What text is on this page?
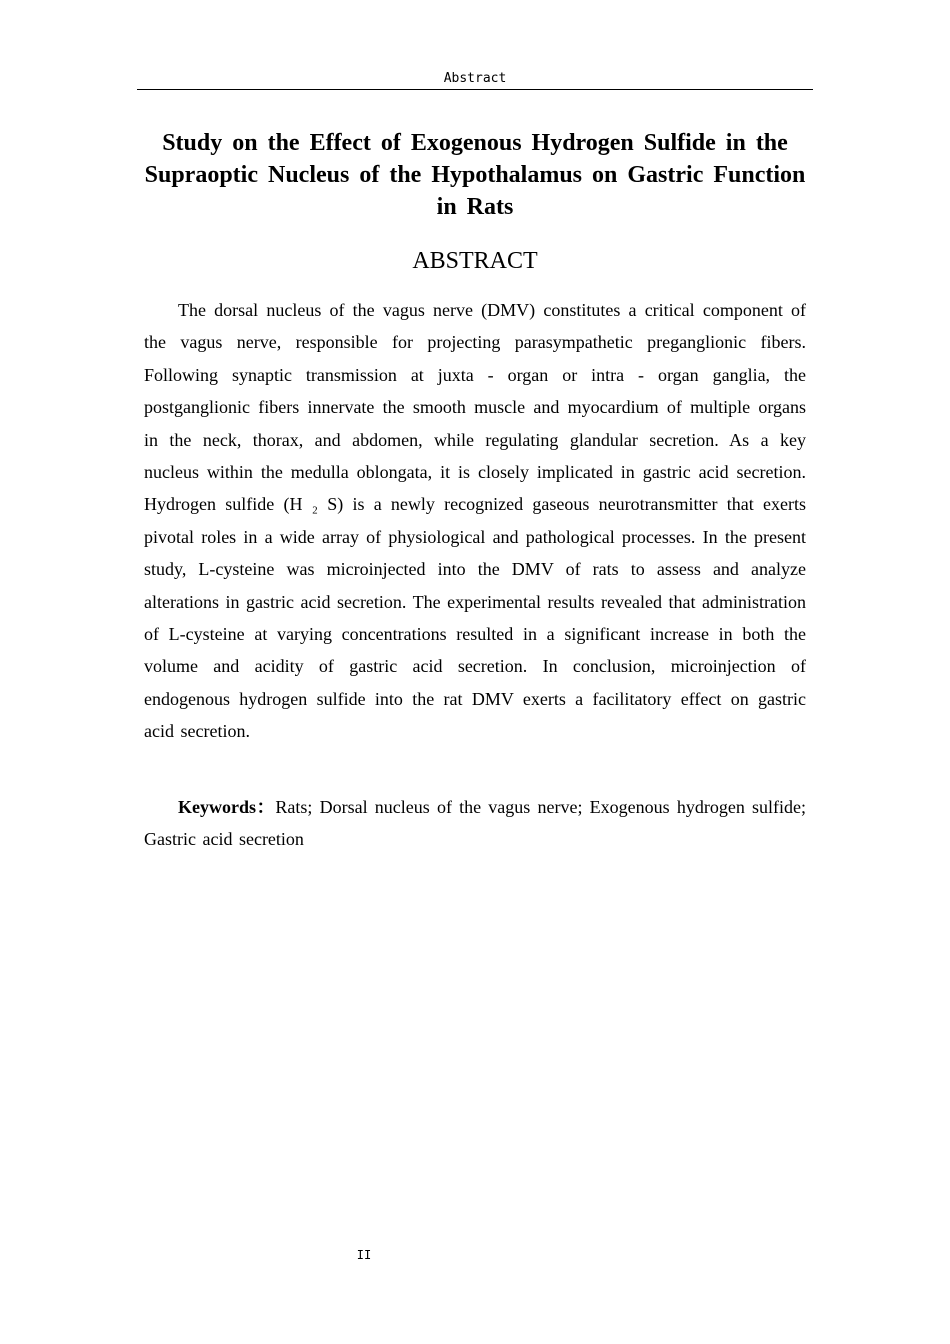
Abstract
Study on the Effect of Exogenous Hydrogen Sulfide in the Supraoptic Nucleus of the Hypothalamus on Gastric Function in Rats
ABSTRACT

The dorsal nucleus of the vagus nerve (DMV) constitutes a critical component of the vagus nerve, responsible for projecting parasympathetic preganglionic fibers. Following synaptic transmission at juxta - organ or intra - organ ganglia, the postganglionic fibers innervate the smooth muscle and myocardium of multiple organs in the neck, thorax, and abdomen, while regulating glandular secretion. As a key nucleus within the medulla oblongata, it is closely implicated in gastric acid secretion. Hydrogen sulfide (H ₂ S) is a newly recognized gaseous neurotransmitter that exerts pivotal roles in a wide array of physiological and pathological processes. In the present study, L-cysteine was microinjected into the DMV of rats to assess and analyze alterations in gastric acid secretion. The experimental results revealed that administration of L-cysteine at varying concentrations resulted in a significant increase in both the volume and acidity of gastric acid secretion. In conclusion, microinjection of endogenous hydrogen sulfide into the rat DMV exerts a facilitatory effect on gastric acid secretion.

Keywords：Rats; Dorsal nucleus of the vagus nerve; Exogenous hydrogen sulfide; Gastric acid secretion

II
